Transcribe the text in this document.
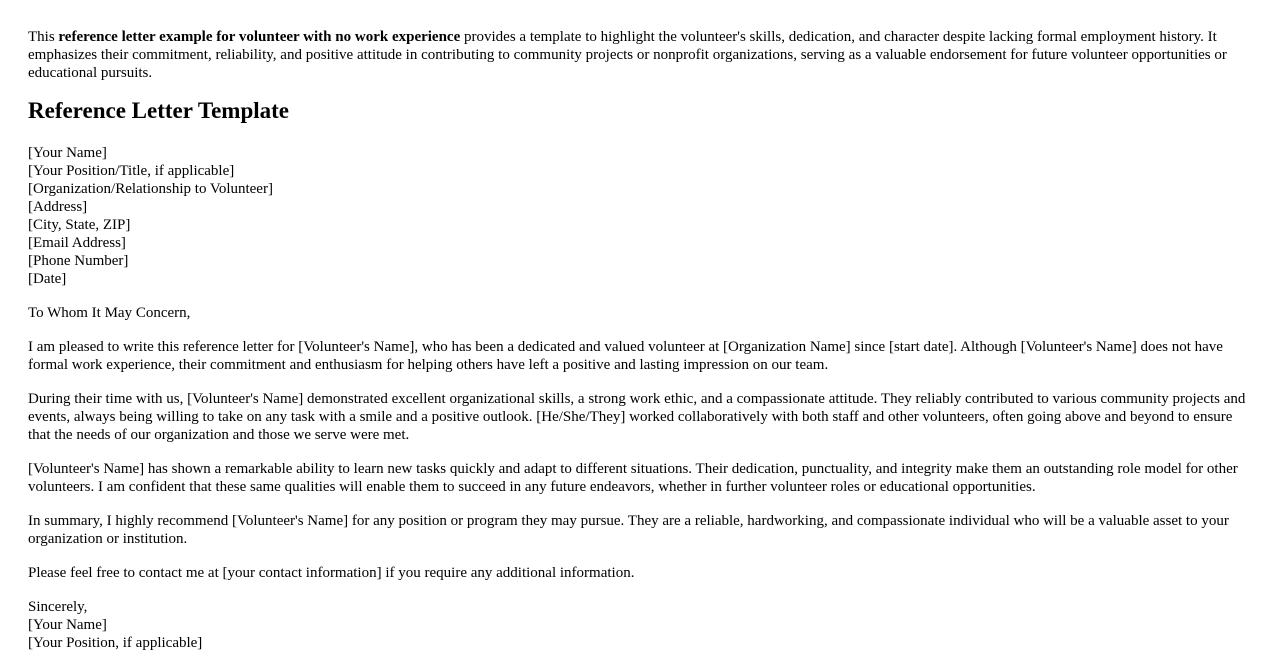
This reference letter example for volunteer with no work experience provides a template to highlight the volunteer's skills, dedication, and character despite lacking formal employment history. It emphasizes their commitment, reliability, and positive attitude in contributing to community projects or nonprofit organizations, serving as a valuable endorsement for future volunteer opportunities or educational pursuits.

Reference Letter Template
[Your Name]
[Your Position/Title, if applicable]
[Organization/Relationship to Volunteer]
[Address]
[City, State, ZIP]
[Email Address]
[Phone Number]
[Date]

To Whom It May Concern,

I am pleased to write this reference letter for [Volunteer's Name], who has been a dedicated and valued volunteer at [Organization Name] since [start date]. Although [Volunteer's Name] does not have formal work experience, their commitment and enthusiasm for helping others have left a positive and lasting impression on our team.

During their time with us, [Volunteer's Name] demonstrated excellent organizational skills, a strong work ethic, and a compassionate attitude. They reliably contributed to various community projects and events, always being willing to take on any task with a smile and a positive outlook. [He/She/They] worked collaboratively with both staff and other volunteers, often going above and beyond to ensure that the needs of our organization and those we serve were met.

[Volunteer's Name] has shown a remarkable ability to learn new tasks quickly and adapt to different situations. Their dedication, punctuality, and integrity make them an outstanding role model for other volunteers. I am confident that these same qualities will enable them to succeed in any future endeavors, whether in further volunteer roles or educational opportunities.

In summary, I highly recommend [Volunteer's Name] for any position or program they may pursue. They are a reliable, hardworking, and compassionate individual who will be a valuable asset to your organization or institution.

Please feel free to contact me at [your contact information] if you require any additional information.

Sincerely,
[Your Name]
[Your Position, if applicable]
